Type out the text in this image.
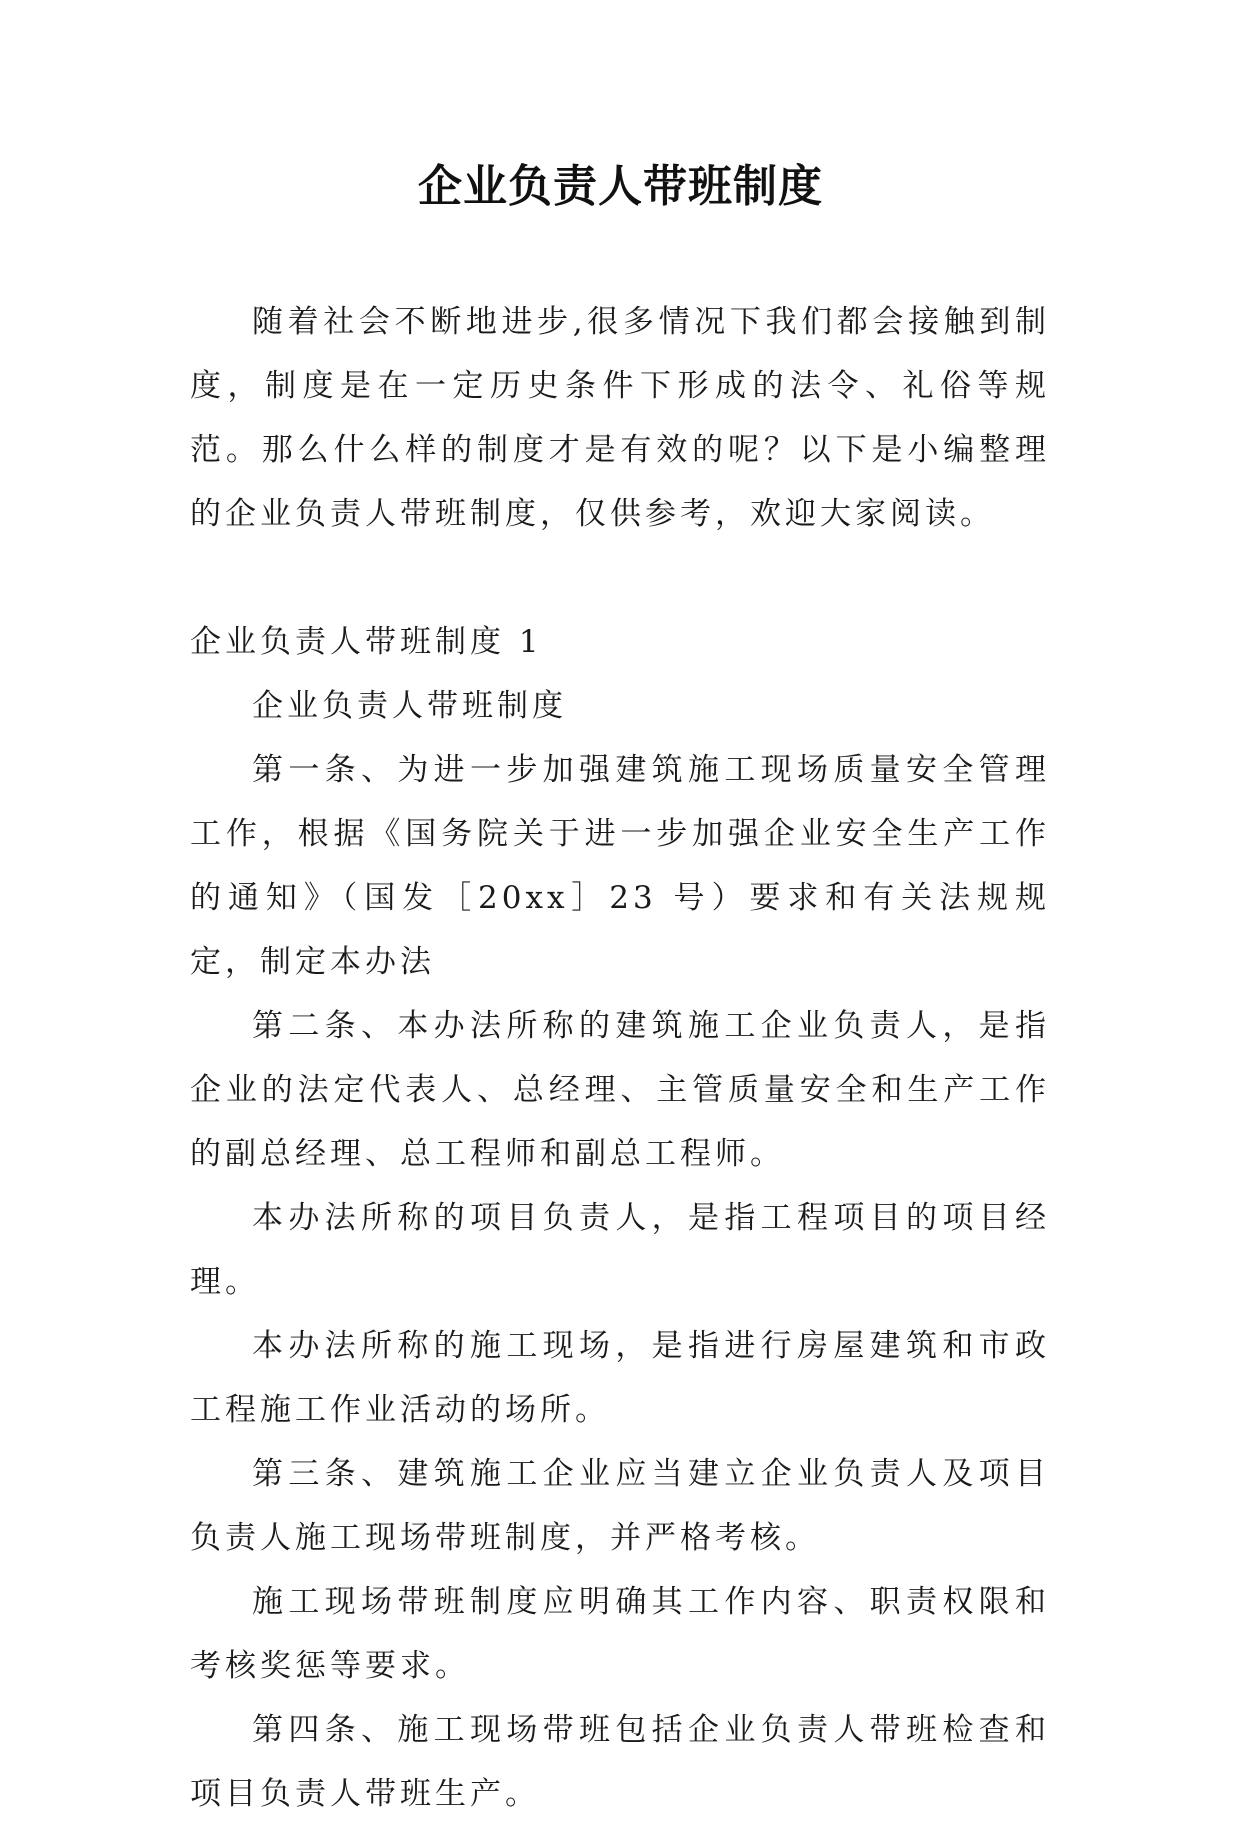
企业负责人带班制度

随着社会不断地进步,很多情况下我们都会接触到制度，制度是在一定历史条件下形成的法令、礼俗等规范。那么什么样的制度才是有效的呢？以下是小编整理的企业负责人带班制度，仅供参考，欢迎大家阅读。

企业负责人带班制度 1

企业负责人带班制度

第一条、为进一步加强建筑施工现场质量安全管理工作，根据《国务院关于进一步加强企业安全生产工作的通知》（国发［20xx］23 号）要求和有关法规规定，制定本办法

第二条、本办法所称的建筑施工企业负责人，是指企业的法定代表人、总经理、主管质量安全和生产工作的副总经理、总工程师和副总工程师。

本办法所称的项目负责人，是指工程项目的项目经理。

本办法所称的施工现场，是指进行房屋建筑和市政工程施工作业活动的场所。

第三条、建筑施工企业应当建立企业负责人及项目负责人施工现场带班制度，并严格考核。

施工现场带班制度应明确其工作内容、职责权限和考核奖惩等要求。

第四条、施工现场带班包括企业负责人带班检查和项目负责人带班生产。
